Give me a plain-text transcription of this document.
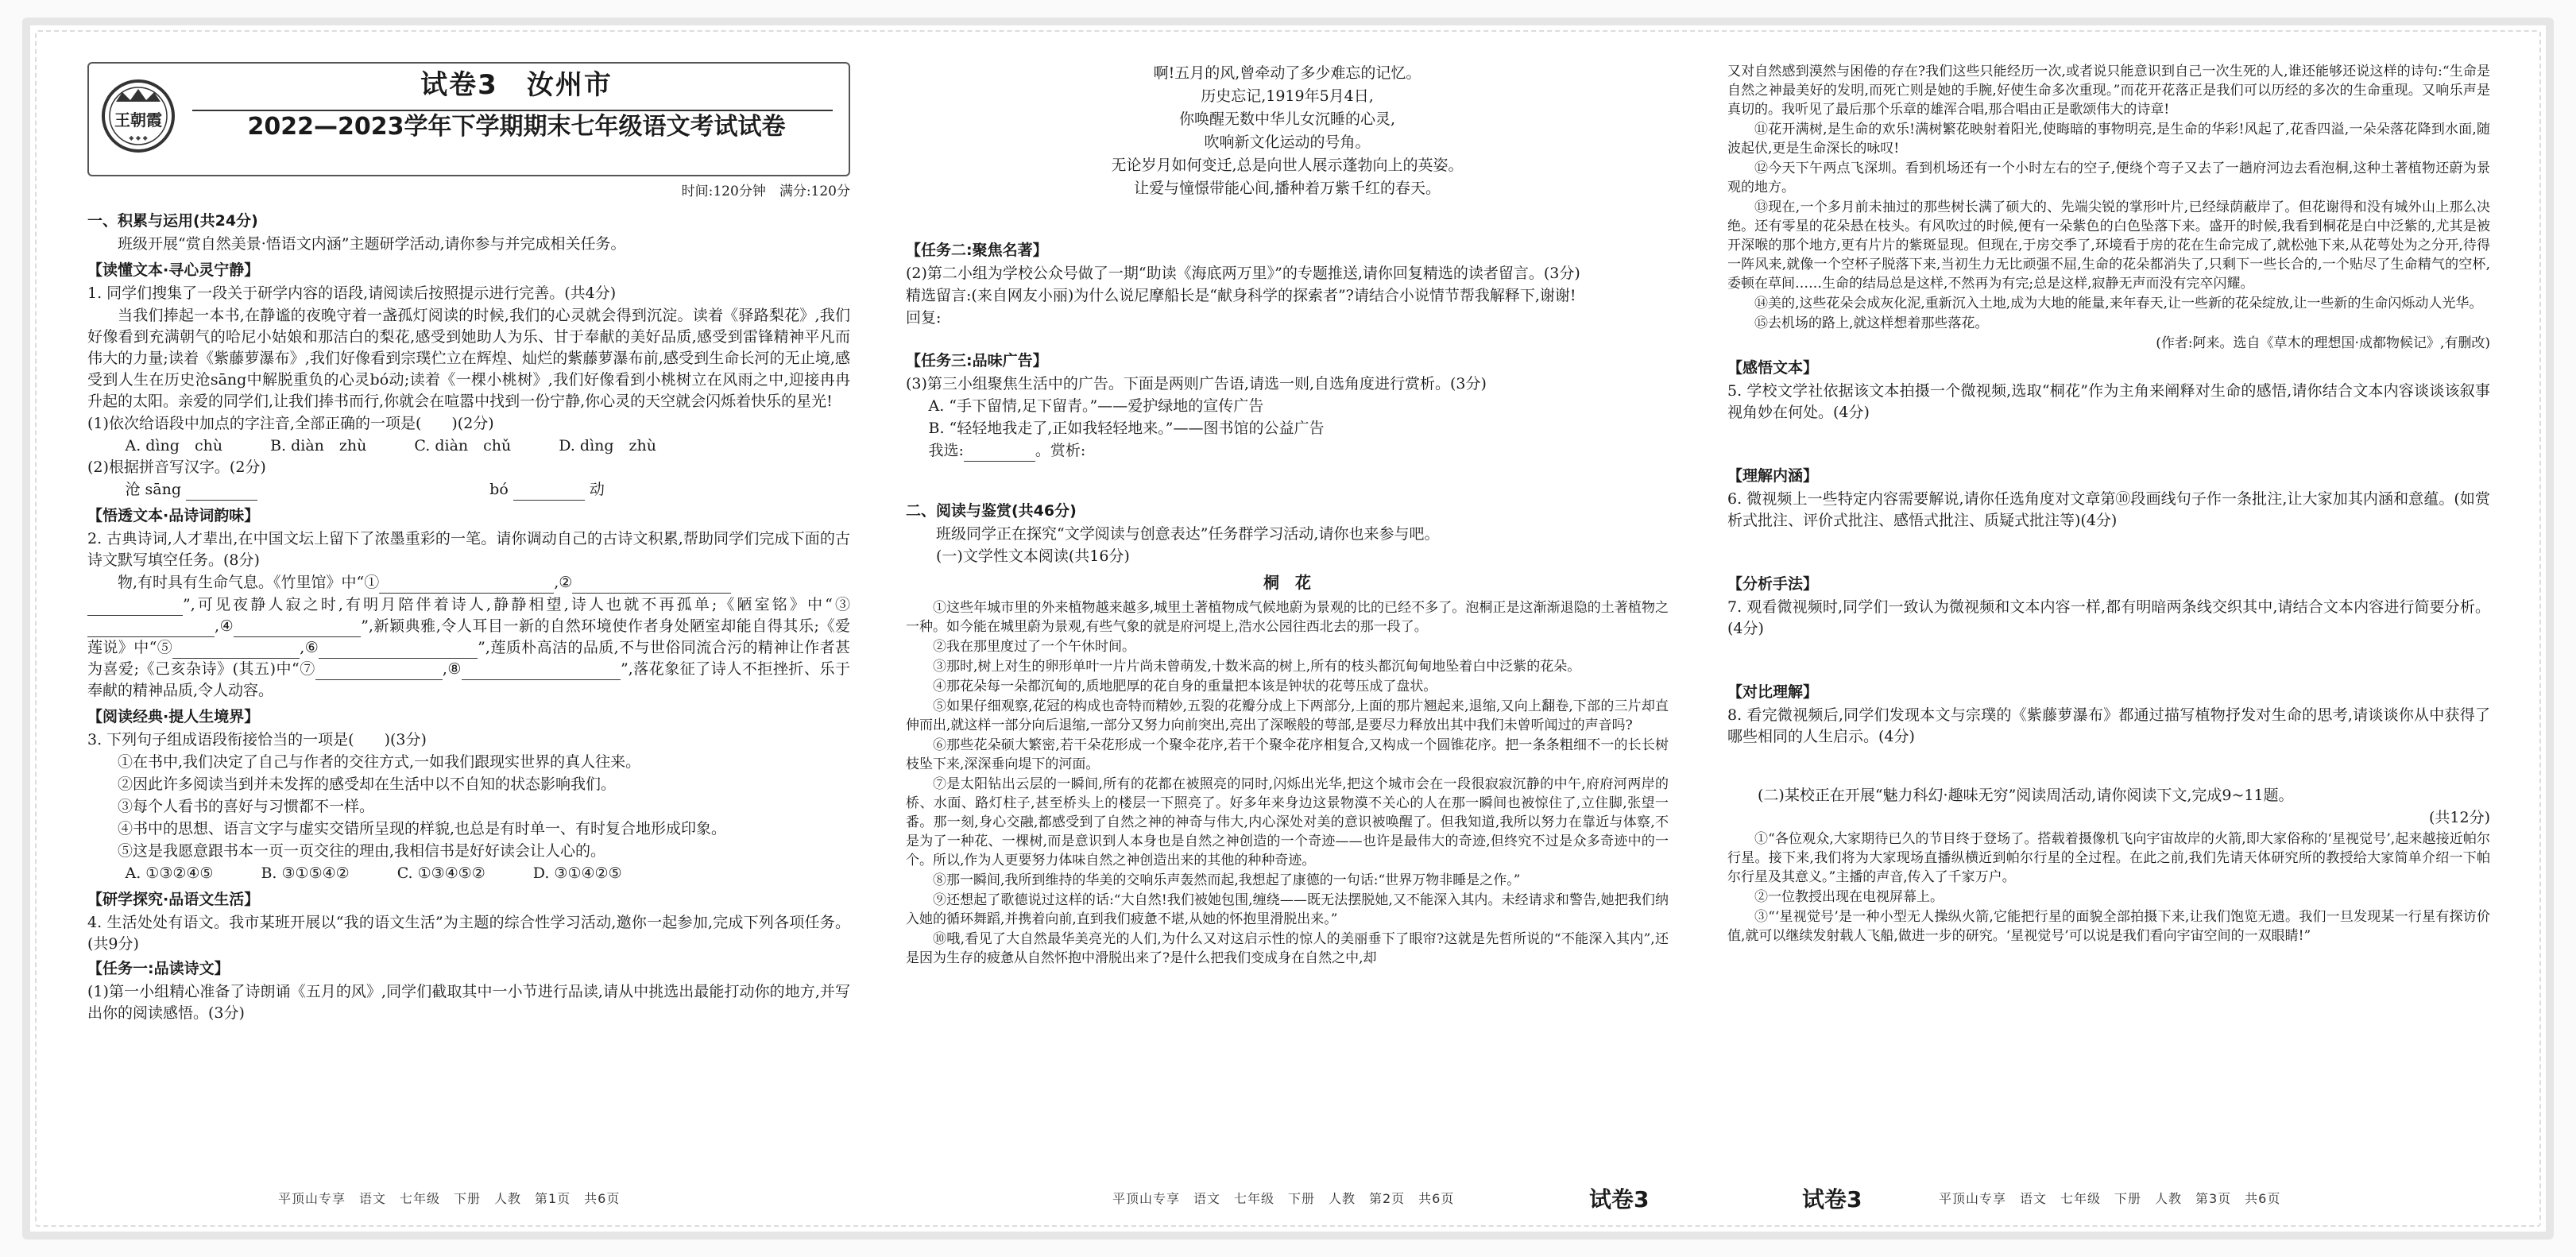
王朝霞
◆ ◆ ◆
试卷3　汝州市
2022—2023学年下学期期末七年级语文考试试卷
时间:120分钟　满分:120分
一、积累与运用(共24分)

班级开展“赏自然美景·悟语文内涵”主题研学活动,请你参与并完成相关任务。

【读懂文本·寻心灵宁静】

1. 同学们搜集了一段关于研学内容的语段,请阅读后按照提示进行完善。(共4分)

当我们捧起一本书,在静谧的夜晚守着一盏孤灯阅读的时候,我们的心灵就会得到沉淀。读着《驿路梨花》,我们好像看到充满朝气的哈尼小姑娘和那洁白的梨花,感受到她助人为乐、甘于奉献的美好品质,感受到雷锋精神平凡而伟大的力量;读着《紫藤萝瀑布》,我们好像看到宗璞伫立在辉煌、灿烂的紫藤萝瀑布前,感受到生命长河的无止境,感受到人生在历史沧sāng中解脱重负的心灵bó动;读着《一棵小桃树》,我们好像看到小桃树立在风雨之中,迎接冉冉升起的太阳。亲爱的同学们,让我们捧书而行,你就会在喧嚣中找到一份宁静,你心灵的天空就会闪烁着快乐的星光!

(1)依次给语段中加点的字注音,全部正确的一项是(　　)(2分)

A. dìng　chù	B. diàn　zhù	C. diàn　chǔ	D. dìng　zhù

(2)根据拼音写汉字。(2分)

沧 sāng	bó	动

【悟透文本·品诗词韵味】

2. 古典诗词,人才辈出,在中国文坛上留下了浓墨重彩的一笔。请你调动自己的古诗文积累,帮助同学们完成下面的古诗文默写填空任务。(8分)

物,有时具有生命气息。《竹里馆》中“①	,②

”,可见夜静人寂之时,有明月陪伴着诗人,静静相望,诗人也就不再孤单;《陋室铭》中“③,④	”,新颖典雅,令人耳目一新的自然环境使作者身处陋室却能自得其乐;《爱莲说》中“⑤	,⑥	”,莲质朴高洁的品质,不与世俗同流合污的精神让作者甚为喜爱;《己亥杂诗》(其五)中“⑦	,⑧	”,落花象征了诗人不拒挫折、乐于奉献的精神品质,令人动容。

【阅读经典·提人生境界】

3. 下列句子组成语段衔接恰当的一项是(　　)(3分)

①在书中,我们决定了自己与作者的交往方式,一如我们跟现实世界的真人往来。
②因此许多阅读当到并未发挥的感受却在生活中以不自知的状态影响我们。
③每个人看书的喜好与习惯都不一样。
④书中的思想、语言文字与虚实交错所呈现的样貌,也总是有时单一、有时复合地形成印象。
⑤这是我愿意跟书本一页一页交往的理由,我相信书是好好读会让人心的。
A. ①③②④⑤	B. ③①⑤④②	C. ①③④⑤②	D. ③①④②⑤
【研学探究·品语文生活】

4. 生活处处有语文。我市某班开展以“我的语文生活”为主题的综合性学习活动,邀你一起参加,完成下列各项任务。(共9分)

【任务一:品读诗文】

(1)第一小组精心准备了诗朗诵《五月的风》,同学们截取其中一小节进行品读,请从中挑选出最能打动你的地方,并写出你的阅读感悟。(3分)

平顶山专享　语文　七年级　下册　人教　第1页　共6页
啊!五月的风,曾牵动了多少难忘的记忆。
历史忘记,1919年5月4日,
你唤醒无数中华儿女沉睡的心灵,
吹响新文化运动的号角。
无论岁月如何变迁,总是向世人展示蓬勃向上的英姿。
让爱与憧憬带能心间,播种着万紫千红的春天。
【任务二:聚焦名著】

(2)第二小组为学校公众号做了一期“助读《海底两万里》”的专题推送,请你回复精选的读者留言。(3分)

精选留言:(来自网友小丽)为什么说尼摩船长是“献身科学的探索者”?请结合小说情节帮我解释下,谢谢!

回复:

【任务三:品味广告】

(3)第三小组聚焦生活中的广告。下面是两则广告语,请选一则,自选角度进行赏析。(3分)

A. “手下留情,足下留青。”——爱护绿地的宣传广告

B. “轻轻地我走了,正如我轻轻地来。”——图书馆的公益广告

我选:	。赏析:

二、阅读与鉴赏(共46分)

班级同学正在探究“文学阅读与创意表达”任务群学习活动,请你也来参与吧。

(一)文学性文本阅读(共16分)

桐　花

①这些年城市里的外来植物越来越多,城里土著植物成气候地蔚为景观的比的已经不多了。泡桐正是这渐渐退隐的土著植物之一种。如今能在城里蔚为景观,有些气象的就是府河堤上,浩水公园往西北去的那一段了。

②我在那里度过了一个午休时间。

③那时,树上对生的卵形单叶一片片尚未曾萌发,十数米高的树上,所有的枝头都沉甸甸地坠着白中泛紫的花朵。

④那花朵每一朵都沉甸的,质地肥厚的花自身的重量把本该是钟状的花萼压成了盘状。

⑤如果仔细观察,花冠的构成也奇特而精妙,五裂的花瓣分成上下两部分,上面的那片翘起来,退缩,又向上翻卷,下部的三片却直伸而出,就这样一部分向后退缩,一部分又努力向前突出,亮出了深喉般的萼部,是要尽力释放出其中我们未曾听闻过的声音吗?

⑥那些花朵硕大繁密,若干朵花形成一个聚伞花序,若干个聚伞花序相复合,又构成一个圆锥花序。把一条条粗细不一的长长树枝坠下来,深深垂向堤下的河面。

⑦是太阳钻出云层的一瞬间,所有的花都在被照亮的同时,闪烁出光华,把这个城市会在一段很寂寂沉静的中午,府府河两岸的桥、水面、路灯柱子,甚至桥头上的楼层一下照亮了。好多年来身边这景物漠不关心的人在那一瞬间也被惊住了,立住脚,张望一番。那一刻,身心交融,都感受到了自然之神的神奇与伟大,内心深处对美的意识被唤醒了。但我知道,我所以努力在靠近与体察,不是为了一种花、一棵树,而是意识到人本身也是自然之神创造的一个奇迹——也许是最伟大的奇迹,但终究不过是众多奇迹中的一个。所以,作为人更要努力体味自然之神创造出来的其他的种种奇迹。

⑧那一瞬间,我所到维持的华美的交响乐声轰然而起,我想起了康德的一句话:“世界万物非睡是之作。”

⑨还想起了歌德说过这样的话:“大自然!我们被她包围,缠绕——既无法摆脱她,又不能深入其内。未经请求和警告,她把我们纳入她的循环舞蹈,并携着向前,直到我们疲惫不堪,从她的怀抱里滑脱出来。”

⑩哦,看见了大自然最华美亮光的人们,为什么又对这启示性的惊人的美丽垂下了眼帘?这就是先哲所说的“不能深入其内”,还是因为生存的疲惫从自然怀抱中滑脱出来了?是什么把我们变成身在自然之中,却

平顶山专享　语文　七年级　下册　人教　第2页　共6页	试卷3

又对自然感到漠然与困倦的存在?我们这些只能经历一次,或者说只能意识到自己一次生死的人,谁还能够还说这样的诗句:“生命是自然之神最美好的发明,而死亡则是她的手腕,好使生命多次重现。”而花开花落正是我们可以历经的多次的生命重现。又响乐声是真切的。我听见了最后那个乐章的雄浑合唱,那合唱由正是歌颂伟大的诗章!

⑪花开满树,是生命的欢乐!满树繁花映射着阳光,使晦暗的事物明亮,是生命的华彩!风起了,花香四溢,一朵朵落花降到水面,随波起伏,更是生命深长的咏叹!

⑫今天下午两点飞深圳。看到机场还有一个小时左右的空子,便绕个弯子又去了一趟府河边去看泡桐,这种土著植物还蔚为景观的地方。

⑬现在,一个多月前未抽过的那些树长满了硕大的、先端尖锐的掌形叶片,已经绿荫蔽岸了。但花谢得和没有城外山上那么决绝。还有零星的花朵悬在枝头。有风吹过的时候,便有一朵紫色的白色坠落下来。盛开的时候,我看到桐花是白中泛紫的,尤其是被开深喉的那个地方,更有片片的紫斑显现。但现在,于房交季了,环境看于房的花在生命完成了,就松弛下来,从花萼处为之分开,待得一阵风来,就像一个空杯子脱落下来,当初生力无比顽强不屈,生命的花朵都消失了,只剩下一些长合的,一个贴尽了生命精气的空杯,委顿在草间……生命的结局总是这样,不然再为有完;总是这样,寂静无声而没有完卒闪耀。

⑭美的,这些花朵会成灰化泥,重新沉入土地,成为大地的能量,来年春天,让一些新的花朵绽放,让一些新的生命闪烁动人光华。

⑮去机场的路上,就这样想着那些落花。

(作者:阿来。选自《草木的理想国·成都物候记》,有删改)

【感悟文本】

5. 学校文学社依据该文本拍摄一个微视频,选取“桐花”作为主角来阐释对生命的感悟,请你结合文本内容谈谈该叙事视角妙在何处。(4分)

【理解内涵】

6. 微视频上一些特定内容需要解说,请你任选角度对文章第⑩段画线句子作一条批注,让大家加其内涵和意蕴。(如赏析式批注、评价式批注、感悟式批注、质疑式批注等)(4分)

【分析手法】

7. 观看微视频时,同学们一致认为微视频和文本内容一样,都有明暗两条线交织其中,请结合文本内容进行简要分析。(4分)

【对比理解】

8. 看完微视频后,同学们发现本文与宗璞的《紫藤萝瀑布》都通过描写植物抒发对生命的思考,请谈谈你从中获得了哪些相同的人生启示。(4分)

(二)某校正在开展“魅力科幻·趣味无穷”阅读周活动,请你阅读下文,完成9~11题。

(共12分)

①“各位观众,大家期待已久的节目终于登场了。搭载着摄像机飞向宇宙故岸的火箭,即大家俗称的‘星视觉号’,起来越接近帕尔行星。接下来,我们将为大家现场直播纵横近到帕尔行星的全过程。在此之前,我们先请天体研究所的教授给大家简单介绍一下帕尔行星及其意义。”主播的声音,传入了千家万户。

②一位教授出现在电视屏幕上。

③“‘星视觉号’是一种小型无人操纵火箭,它能把行星的面貌全部拍摄下来,让我们饱览无遗。我们一旦发现某一行星有探访价值,就可以继续发射载人飞船,做进一步的研究。‘星视觉号’可以说是我们看向宇宙空间的一双眼睛!”

试卷3	平顶山专享　语文　七年级　下册　人教　第3页　共6页
